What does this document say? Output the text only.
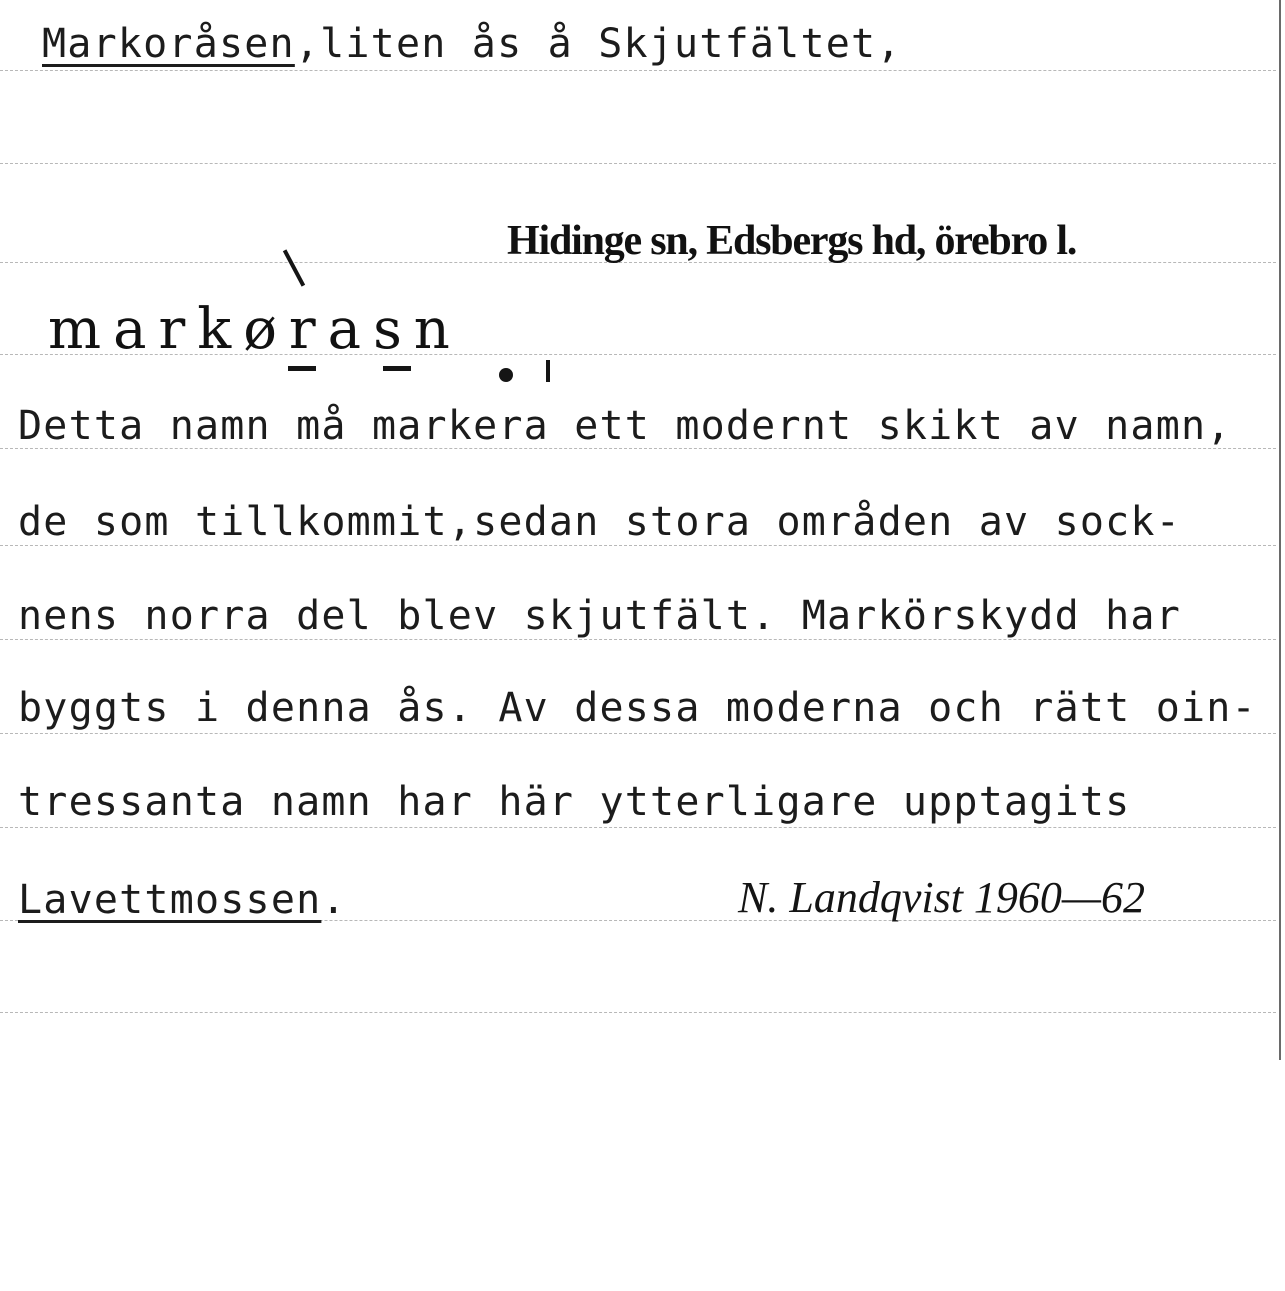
Markoråsen,liten ås å Skjutfältet,
Hidinge sn, Edsbergs hd, örebro l.
markørasn
Detta namn må markera ett modernt skikt av namn,
de som tillkommit,sedan stora områden av sock-
nens norra del blev skjutfält. Markörskydd har
byggts i denna ås. Av dessa moderna och rätt oin-
tressanta namn har här ytterligare upptagits
Lavettmossen.	N. Landqvist 1960—62
